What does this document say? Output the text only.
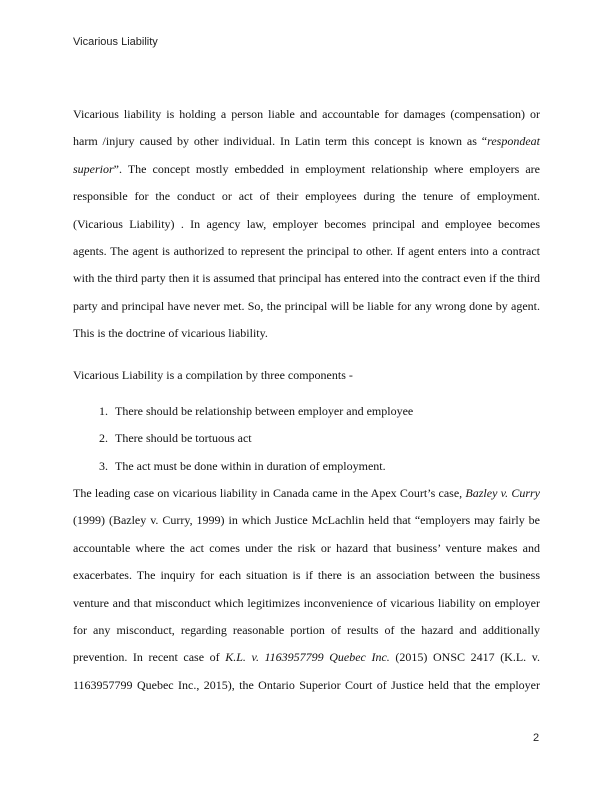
Vicarious Liability
Vicarious liability is holding a person liable and accountable for damages (compensation) or
harm /injury caused by other individual. In Latin term this concept is known as “respondeat
superior”. The concept mostly embedded in employment relationship where employers are
responsible for the conduct or act of their employees during the tenure of employment.
(Vicarious Liability) . In agency law, employer becomes principal and employee becomes
agents. The agent is authorized to represent the principal to other. If agent enters into a contract
with the third party then it is assumed that principal has entered into the contract even if the third
party and principal have never met. So, the principal will be liable for any wrong done by agent.
This is the doctrine of vicarious liability.
Vicarious Liability is a compilation by three components -
1. There should be relationship between employer and employee
2. There should be tortuous act
3. The act must be done within in duration of employment.
The leading case on vicarious liability in Canada came in the Apex Court’s case, Bazley v. Curry
(1999) (Bazley v. Curry, 1999) in which Justice McLachlin held that “employers may fairly be
accountable where the act comes under the risk or hazard that business’ venture makes and
exacerbates. The inquiry for each situation is if there is an association between the business
venture and that misconduct which legitimizes inconvenience of vicarious liability on employer
for any misconduct, regarding reasonable portion of results of the hazard and additionally
prevention. In recent case of K.L. v. 1163957799 Quebec Inc. (2015) ONSC 2417 (K.L. v.
1163957799 Quebec Inc., 2015), the Ontario Superior Court of Justice held that the employer
2
